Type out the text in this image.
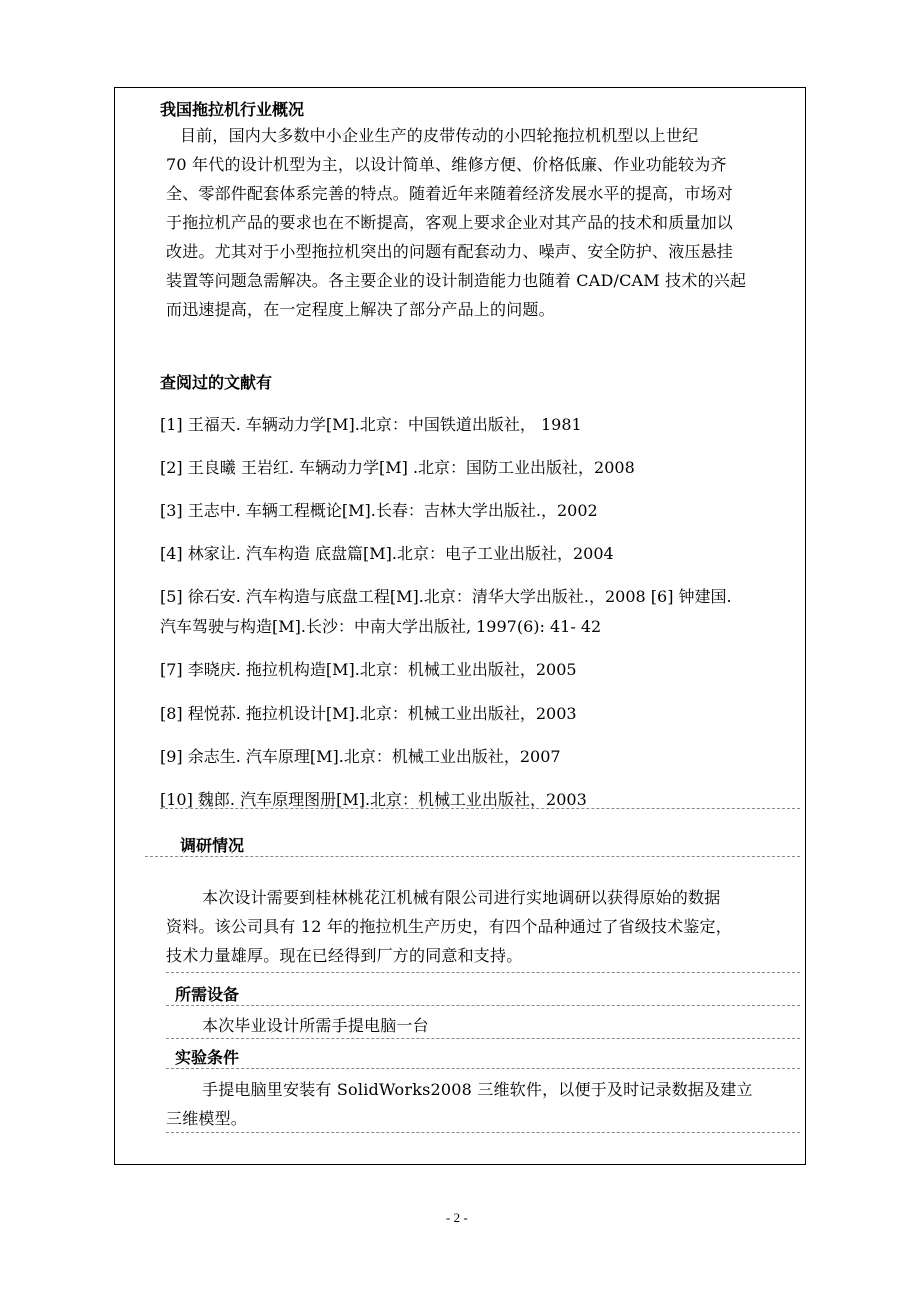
我国拖拉机行业概况
目前，国内大多数中小企业生产的皮带传动的小四轮拖拉机机型以上世纪
70 年代的设计机型为主，以设计简单、维修方便、价格低廉、作业功能较为齐
全、零部件配套体系完善的特点。随着近年来随着经济发展水平的提高，市场对
于拖拉机产品的要求也在不断提高，客观上要求企业对其产品的技术和质量加以
改进。尤其对于小型拖拉机突出的问题有配套动力、噪声、安全防护、液压悬挂
装置等问题急需解决。各主要企业的设计制造能力也随着 CAD/CAM 技术的兴起
而迅速提高，在一定程度上解决了部分产品上的问题。
查阅过的文献有
[1] 王福天. 车辆动力学[M].北京：中国铁道出版社， 1981
[2] 王良曦 王岩红. 车辆动力学[M] .北京：国防工业出版社，2008
[3] 王志中. 车辆工程概论[M].长春：吉林大学出版社.，2002
[4] 林家让. 汽车构造 底盘篇[M].北京：电子工业出版社，2004
[5] 徐石安. 汽车构造与底盘工程[M].北京：清华大学出版社.，2008 [6] 钟建国.
汽车驾驶与构造[M].长沙：中南大学出版社, 1997(6): 41- 42
[7] 李晓庆. 拖拉机构造[M].北京：机械工业出版社，2005
[8] 程悦荪. 拖拉机设计[M].北京：机械工业出版社，2003
[9] 余志生. 汽车原理[M].北京：机械工业出版社，2007
[10] 魏郎. 汽车原理图册[M].北京：机械工业出版社，2003
调研情况
本次设计需要到桂林桃花江机械有限公司进行实地调研以获得原始的数据
资料。该公司具有 12 年的拖拉机生产历史，有四个品种通过了省级技术鉴定，
技术力量雄厚。现在已经得到厂方的同意和支持。
所需设备
本次毕业设计所需手提电脑一台
实验条件
手提电脑里安装有 SolidWorks2008 三维软件，以便于及时记录数据及建立
三维模型。
- 2 -
